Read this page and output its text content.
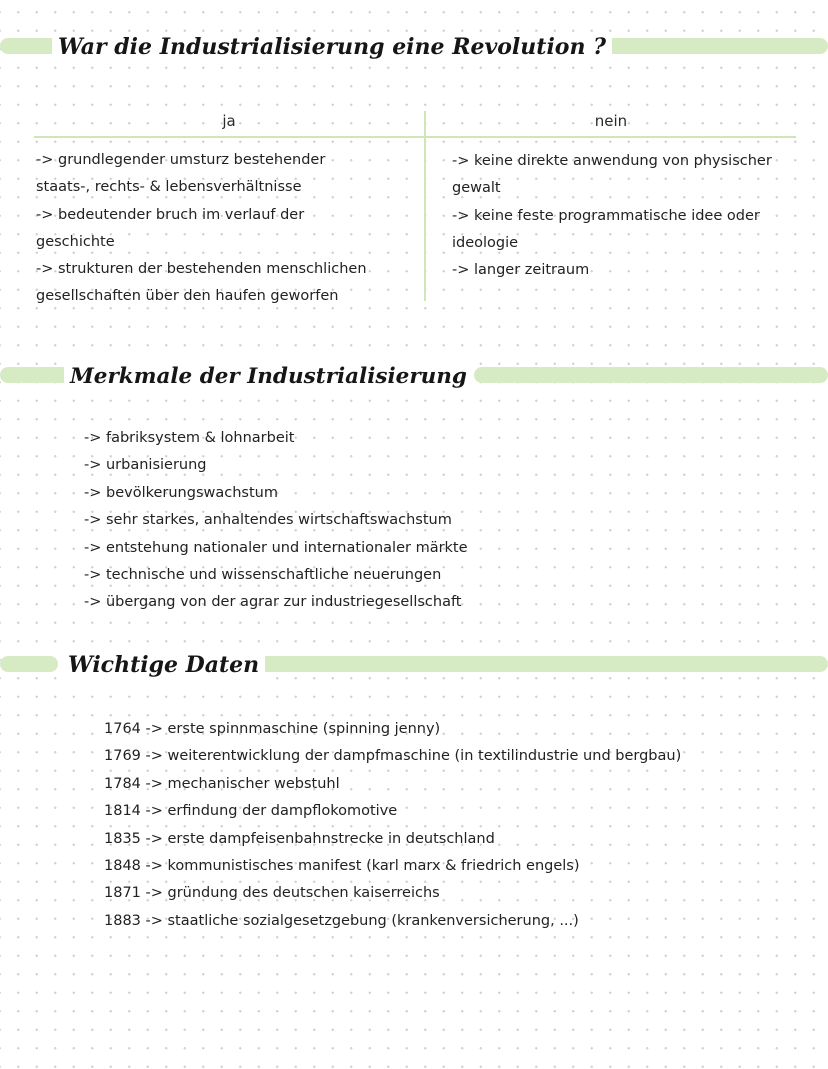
War die Industrialisierung eine Revolution ?
ja	nein

-> grundlegender umsturz bestehender
staats-, rechts- & lebensverhältnisse
-> bedeutender bruch im verlauf der
geschichte
-> strukturen der bestehenden menschlichen
gesellschaften über den haufen geworfen

-> keine direkte anwendung von physischer
gewalt
-> keine feste programmatische idee oder
ideologie
-> langer zeitraum

Merkmale der Industrialisierung
-> fabriksystem & lohnarbeit
-> urbanisierung
-> bevölkerungswachstum
-> sehr starkes, anhaltendes wirtschaftswachstum
-> entstehung nationaler und internationaler märkte
-> technische und wissenschaftliche neuerungen
-> übergang von der agrar zur industriegesellschaft
Wichtige Daten
1764 -> erste spinnmaschine (spinning jenny)
1769 -> weiterentwicklung der dampfmaschine (in textilindustrie und bergbau)
1784 -> mechanischer webstuhl
1814 -> erfindung der dampflokomotive
1835 -> erste dampfeisenbahnstrecke in deutschland
1848 -> kommunistisches manifest (karl marx & friedrich engels)
1871 -> gründung des deutschen kaiserreichs
1883 -> staatliche sozialgesetzgebung (krankenversicherung, ...)
